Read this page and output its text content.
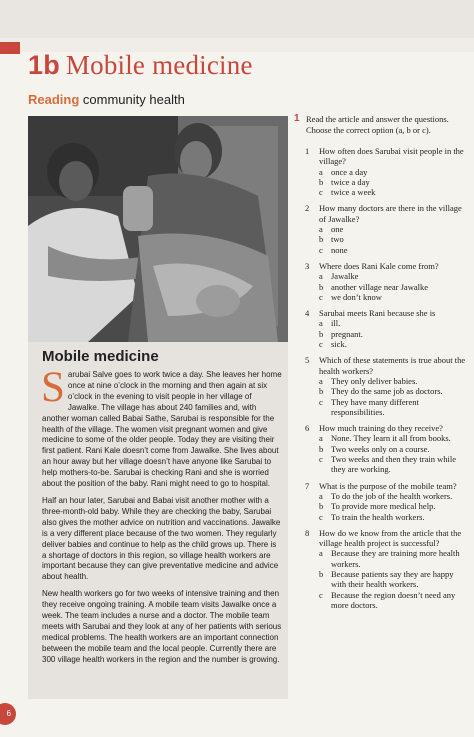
1b Mobile medicine
Reading community health
Mobile medicine

Sarubai Salve goes to work twice a day. She leaves her home once at nine o’clock in the morning and then again at six o’clock in the evening to visit people in her village of Jawalke. The village has about 240 families and, with another woman called Babai Sathe, Sarubai is responsible for the health of the village. The women visit pregnant women and give medicine to some of the older people. Today they are visiting their first patient. Rani Kale doesn’t come from Jawalke. She lives about an hour away but her village doesn’t have anyone like Sarubai to help mothers-to-be. Sarubai is checking Rani and she is worried about the position of the baby. Rani might need to go to hospital.

Half an hour later, Sarubai and Babai visit another mother with a three-month-old baby. While they are checking the baby, Sarubai also gives the mother advice on nutrition and vaccinations. Jawalke is a very different place because of the two women. They regularly deliver babies and continue to help as the child grows up. There is a shortage of doctors in this region, so village health workers are important because they can give preventative medicine and advice about health.

New health workers go for two weeks of intensive training and then they receive ongoing training. A mobile team visits Jawalke once a week. The team includes a nurse and a doctor. The mobile team meets with Sarubai and they look at any of her patients with serious medical problems. The health workers are an important connection between the mobile team and the local people. Currently there are 300 village health workers in the region and the number is growing.

1 Read the article and answer the questions. Choose the correct option (a, b or c).
1	How often does Sarubai visit people in the village?
a once a day
b twice a day
c twice a week
2	How many doctors are there in the village of Jawalke?
a one
b two
c none
3	Where does Rani Kale come from?
a Jawalke
b another village near Jawalke
c we don’t know
4	Sarubai meets Rani because she is
a ill.
b pregnant.
c sick.
5	Which of these statements is true about the health workers?
a They only deliver babies.
b They do the same job as doctors.
c They have many different responsibilities.
6	How much training do they receive?
a None. They learn it all from books.
b Two weeks only on a course.
c Two weeks and then they train while they are working.
7	What is the purpose of the mobile team?
a To do the job of the health workers.
b To provide more medical help.
c To train the health workers.
8	How do we know from the article that the village health project is successful?
a Because they are training more health workers.
b Because patients say they are happy with their health workers.
c Because the region doesn’t need any more doctors.
6
